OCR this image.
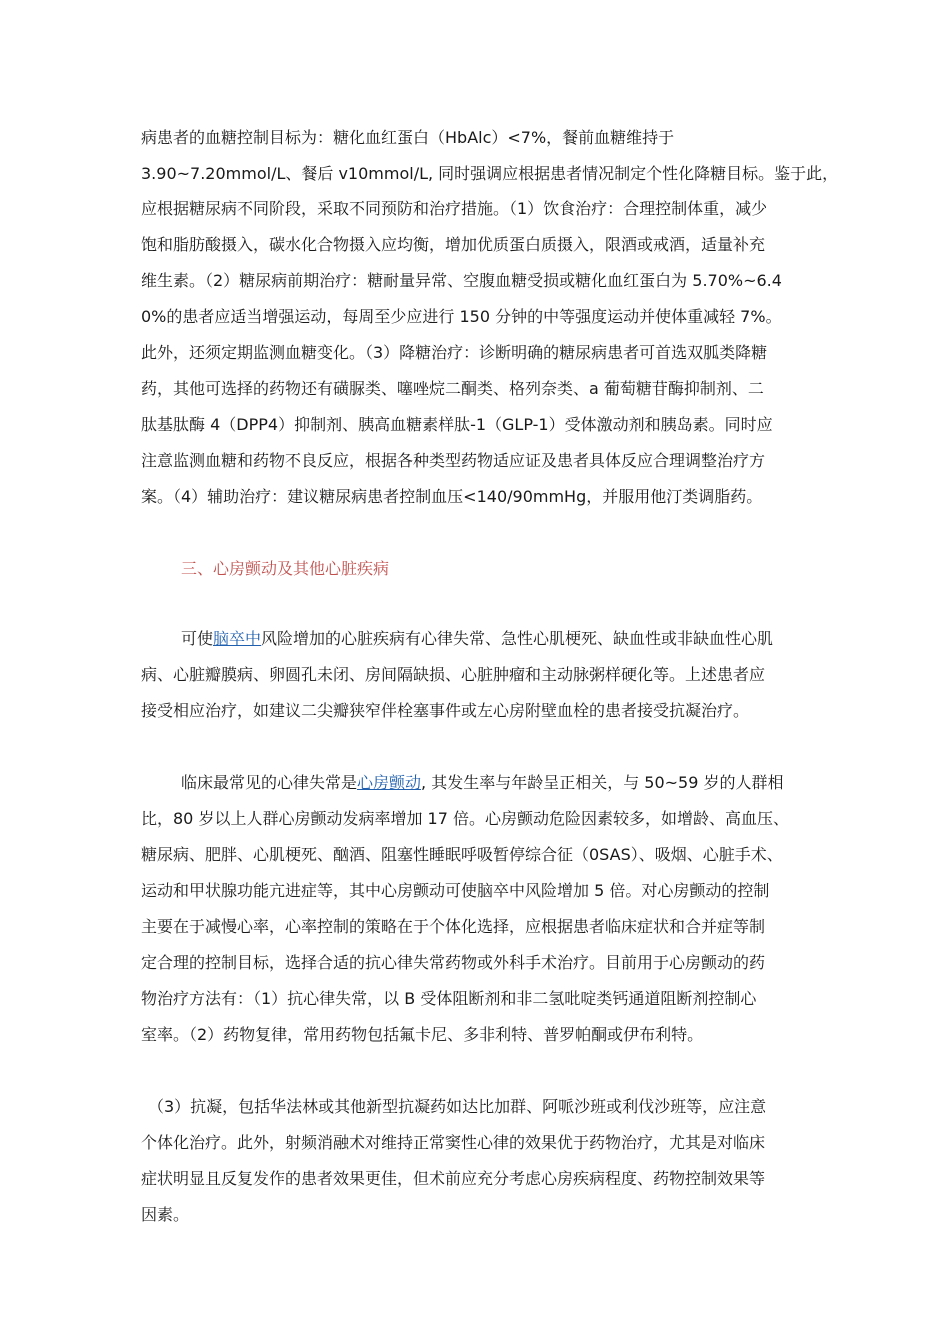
病患者的血糖控制目标为：糖化血红蛋白（HbAlc）<7%，餐前血糖维持于
3.90~7.20mmol/L、餐后 v10mmol/L, 同时强调应根据患者情况制定个性化降糖目标。鉴于此，
应根据糖尿病不同阶段，采取不同预防和治疗措施。（1）饮食治疗：合理控制体重，减少
饱和脂肪酸摄入，碳水化合物摄入应均衡，增加优质蛋白质摄入，限酒或戒酒，适量补充
维生素。（2）糖尿病前期治疗：糖耐量异常、空腹血糖受损或糖化血红蛋白为 5.70%~6.4
0%的患者应适当增强运动，每周至少应进行 150 分钟的中等强度运动并使体重减轻 7%。
此外，还须定期监测血糖变化。（3）降糖治疗：诊断明确的糖尿病患者可首选双胍类降糖
药，其他可选择的药物还有磺脲类、噻唑烷二酮类、格列奈类、a 葡萄糖苷酶抑制剂、二
肽基肽酶 4（DPP4）抑制剂、胰高血糖素样肽-1（GLP-1）受体激动剂和胰岛素。同时应
注意监测血糖和药物不良反应，根据各种类型药物适应证及患者具体反应合理调整治疗方
案。（4）辅助治疗：建议糖尿病患者控制血压<140/90mmHg，并服用他汀类调脂药。
三、心房颤动及其他心脏疾病
可使脑卒中风险增加的心脏疾病有心律失常、急性心肌梗死、缺血性或非缺血性心肌
病、心脏瓣膜病、卵圆孔未闭、房间隔缺损、心脏肿瘤和主动脉粥样硬化等。上述患者应
接受相应治疗，如建议二尖瓣狭窄伴栓塞事件或左心房附壁血栓的患者接受抗凝治疗。
临床最常见的心律失常是心房颤动, 其发生率与年龄呈正相关，与 50~59 岁的人群相
比，80 岁以上人群心房颤动发病率增加 17 倍。心房颤动危险因素较多，如增龄、高血压、
糖尿病、肥胖、心肌梗死、酗酒、阻塞性睡眠呼吸暂停综合征（0SAS）、吸烟、心脏手术、
运动和甲状腺功能亢进症等，其中心房颤动可使脑卒中风险增加 5 倍。对心房颤动的控制
主要在于减慢心率，心率控制的策略在于个体化选择，应根据患者临床症状和合并症等制
定合理的控制目标，选择合适的抗心律失常药物或外科手术治疗。目前用于心房颤动的药
物治疗方法有：（1）抗心律失常，以 B 受体阻断剂和非二氢吡啶类钙通道阻断剂控制心
室率。（2）药物复律，常用药物包括氟卡尼、多非利特、普罗帕酮或伊布利特。
（3）抗凝，包括华法林或其他新型抗凝药如达比加群、阿哌沙班或利伐沙班等，应注意
个体化治疗。此外，射频消融术对维持正常窦性心律的效果优于药物治疗，尤其是对临床
症状明显且反复发作的患者效果更佳，但术前应充分考虑心房疾病程度、药物控制效果等
因素。
